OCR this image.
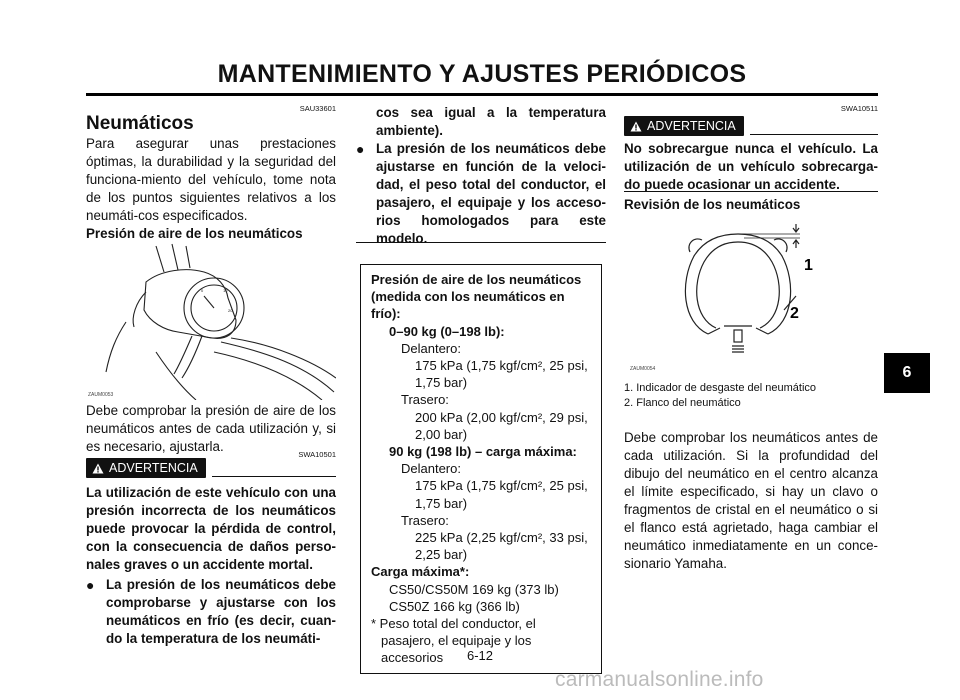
MANTENIMIENTO Y AJUSTES PERIÓDICOS
SAU33601
Neumáticos
Para asegurar unas prestaciones óptimas, la durabilidad y la seguridad del funciona-miento del vehículo, tome nota de los puntos siguientes relativos a los neumáti-cos especificados.
Presión de aire de los neumáticos
0	10
20
ZAUM0053
Debe comprobar la presión de aire de los neumáticos antes de cada utilización y, si es necesario, ajustarla.
SWA10501
ADVERTENCIA
La utilización de este vehículo con una presión incorrecta de los neumáticos puede provocar la pérdida de control, con la consecuencia de daños perso-nales graves o un accidente mortal.
● La presión de los neumáticos debe comprobarse y ajustarse con los neumáticos en frío (es decir, cuan-do la temperatura de los neumáti-
cos sea igual a la temperatura ambiente).
● La presión de los neumáticos debe ajustarse en función de la veloci-dad, el peso total del conductor, el pasajero, el equipaje y los acceso-rios homologados para este modelo.
Presión de aire de los neumáticos (medida con los neumáticos en frío):
0–90 kg (0–198 lb):
Delantero:
175 kPa (1,75 kgf/cm², 25 psi,
1,75 bar)
Trasero:
200 kPa (2,00 kgf/cm², 29 psi,
2,00 bar)
90 kg (198 lb) – carga máxima:
Delantero:
175 kPa (1,75 kgf/cm², 25 psi,
1,75 bar)
Trasero:
225 kPa (2,25 kgf/cm², 33 psi,
2,25 bar)
Carga máxima*:
CS50/CS50M 169 kg (373 lb)
CS50Z 166 kg (366 lb)
* Peso total del conductor, el
pasajero, el equipaje y los
accesorios
SWA10511
ADVERTENCIA
No sobrecargue nunca el vehículo. La utilización de un vehículo sobrecarga-do puede ocasionar un accidente.
Revisión de los neumáticos
1
2
ZAUM0054
1. Indicador de desgaste del neumático
2. Flanco del neumático
Debe comprobar los neumáticos antes de cada utilización. Si la profundidad del dibujo del neumático en el centro alcanza el límite especificado, si hay un clavo o fragmentos de cristal en el neumático o si el flanco está agrietado, haga cambiar el neumático inmediatamente en un conce-sionario Yamaha.
6
6-12
carmanualsonline.info
